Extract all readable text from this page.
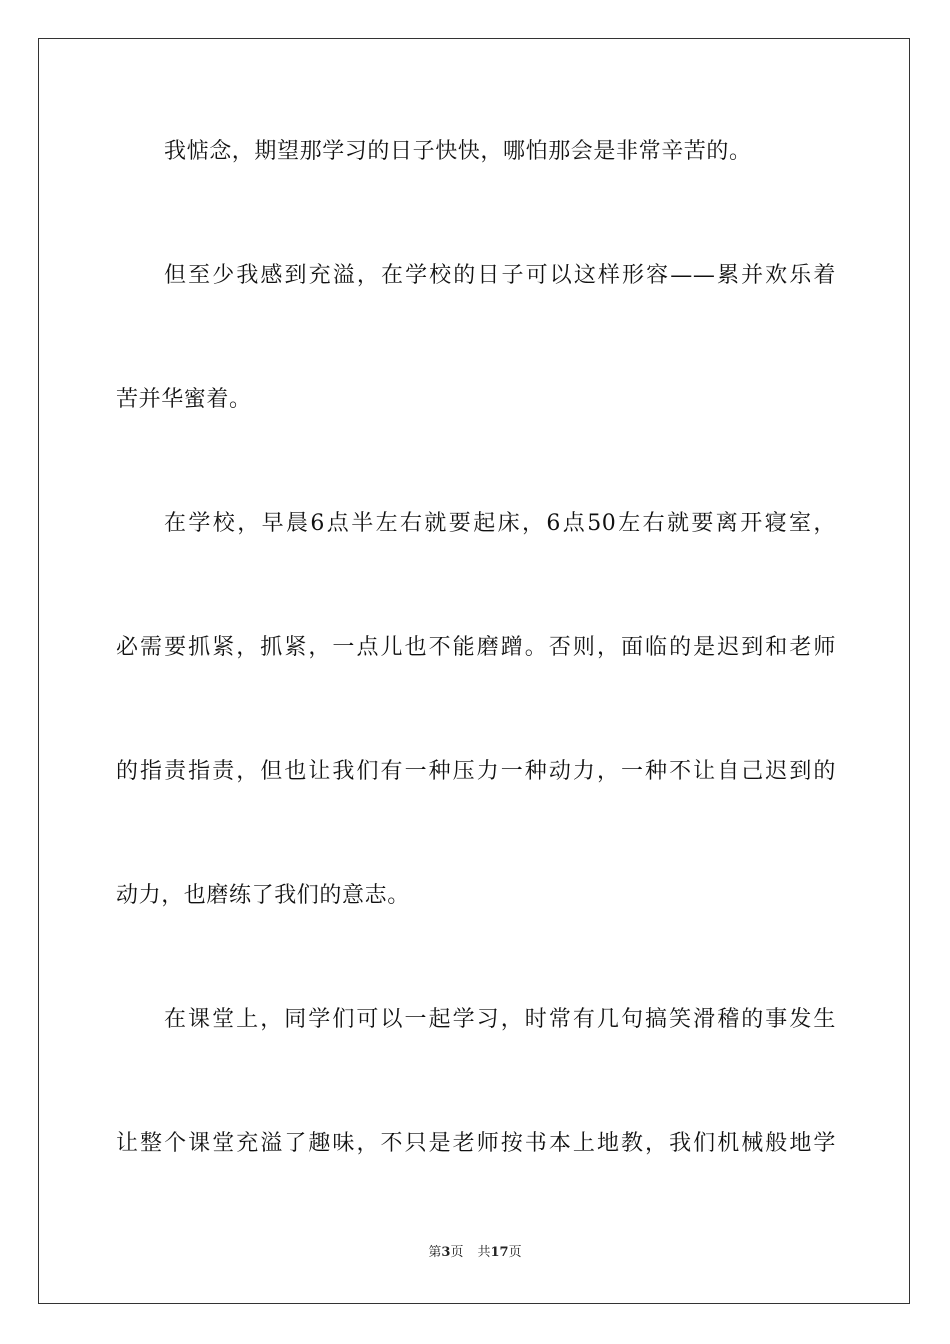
我惦念，期望那学习的日子快快，哪怕那会是非常辛苦的。
但至少我感到充溢，在学校的日子可以这样形容——累并欢乐着
苦并华蜜着。
在学校，早晨6点半左右就要起床，6点50左右就要离开寝室，
必需要抓紧，抓紧，一点儿也不能磨蹭。否则，面临的是迟到和老师
的指责指责，但也让我们有一种压力一种动力，一种不让自己迟到的
动力，也磨练了我们的意志。
在课堂上，同学们可以一起学习，时常有几句搞笑滑稽的事发生
让整个课堂充溢了趣味，不只是老师按书本上地教，我们机械般地学
第3页 共17页
